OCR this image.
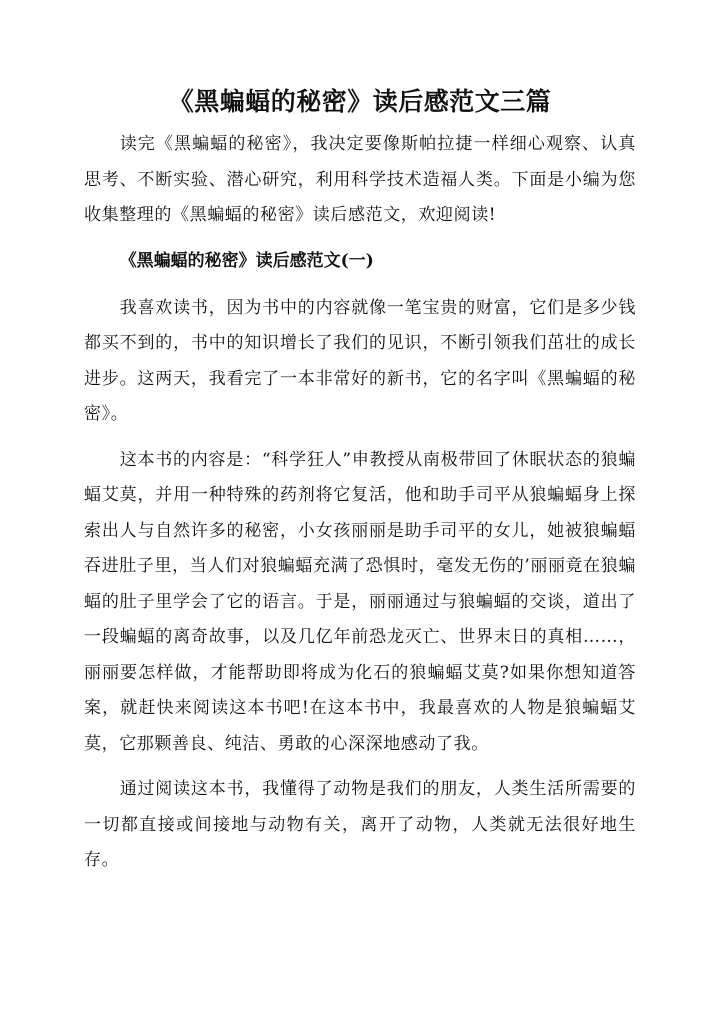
《黑蝙蝠的秘密》读后感范文三篇

读完《黑蝙蝠的秘密》，我决定要像斯帕拉捷一样细心观察、认真思考、不断实验、潜心研究，利用科学技术造福人类。下面是小编为您收集整理的《黑蝙蝠的秘密》读后感范文，欢迎阅读!

《黑蝙蝠的秘密》读后感范文(一)

我喜欢读书，因为书中的内容就像一笔宝贵的财富，它们是多少钱都买不到的，书中的知识增长了我们的见识，不断引领我们茁壮的成长进步。这两天，我看完了一本非常好的新书，它的名字叫《黑蝙蝠的秘密》。

这本书的内容是：“科学狂人”申教授从南极带回了休眠状态的狼蝙蝠艾莫，并用一种特殊的药剂将它复活，他和助手司平从狼蝙蝠身上探索出人与自然许多的秘密，小女孩丽丽是助手司平的女儿，她被狼蝙蝠吞进肚子里，当人们对狼蝙蝠充满了恐惧时，毫发无伤的’丽丽竟在狼蝙蝠的肚子里学会了它的语言。于是，丽丽通过与狼蝙蝠的交谈，道出了一段蝙蝠的离奇故事，以及几亿年前恐龙灭亡、世界末日的真相……，丽丽要怎样做，才能帮助即将成为化石的狼蝙蝠艾莫?如果你想知道答案，就赶快来阅读这本书吧!在这本书中，我最喜欢的人物是狼蝙蝠艾莫，它那颗善良、纯洁、勇敢的心深深地感动了我。

通过阅读这本书，我懂得了动物是我们的朋友，人类生活所需要的一切都直接或间接地与动物有关，离开了动物，人类就无法很好地生存。
